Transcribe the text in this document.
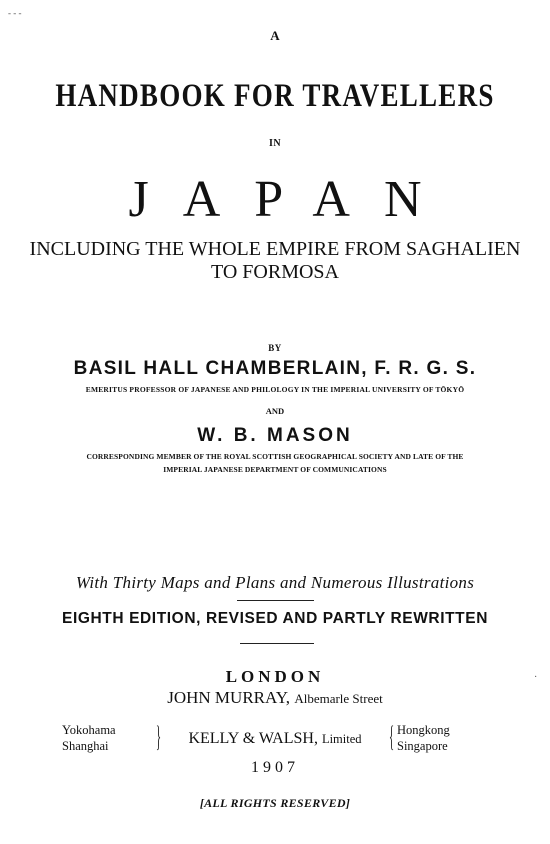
- - -
A
HANDBOOK FOR TRAVELLERS
IN
JAPAN
INCLUDING THE WHOLE EMPIRE FROM SAGHALIEN
TO FORMOSA
BY
BASIL HALL CHAMBERLAIN, F. R. G. S.
EMERITUS PROFESSOR OF JAPANESE AND PHILOLOGY IN THE IMPERIAL UNIVERSITY OF TŌKYŌ
AND
W. B. MASON
CORRESPONDING MEMBER OF THE ROYAL SCOTTISH GEOGRAPHICAL SOCIETY AND LATE OF THE
IMPERIAL JAPANESE DEPARTMENT OF COMMUNICATIONS
With Thirty Maps and Plans and Numerous Illustrations
EIGHTH EDITION, REVISED AND PARTLY REWRITTEN
LONDON
JOHN MURRAY, Albemarle Street
Yokohama
Shanghai }	KELLY & WALSH, Limited { Hongkong
Singapore
1907
[ALL RIGHTS RESERVED]
·
